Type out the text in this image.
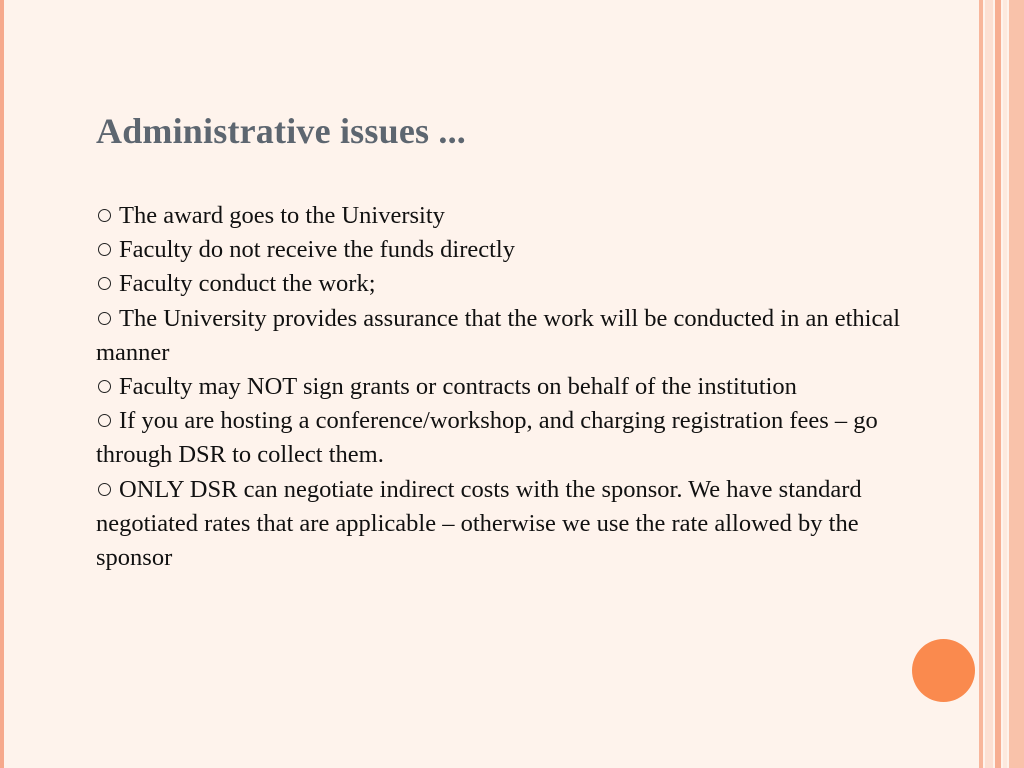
Administrative issues ...
The award goes to the University
Faculty do not receive the funds directly
Faculty conduct the work;
The University provides assurance that the work will be conducted in an ethical manner
Faculty may NOT sign grants or contracts on behalf of the institution
If you are hosting a conference/workshop, and charging registration fees – go through DSR to collect them.
ONLY DSR can negotiate indirect costs with the sponsor. We have standard negotiated rates that are applicable – otherwise we use the rate allowed by the sponsor
